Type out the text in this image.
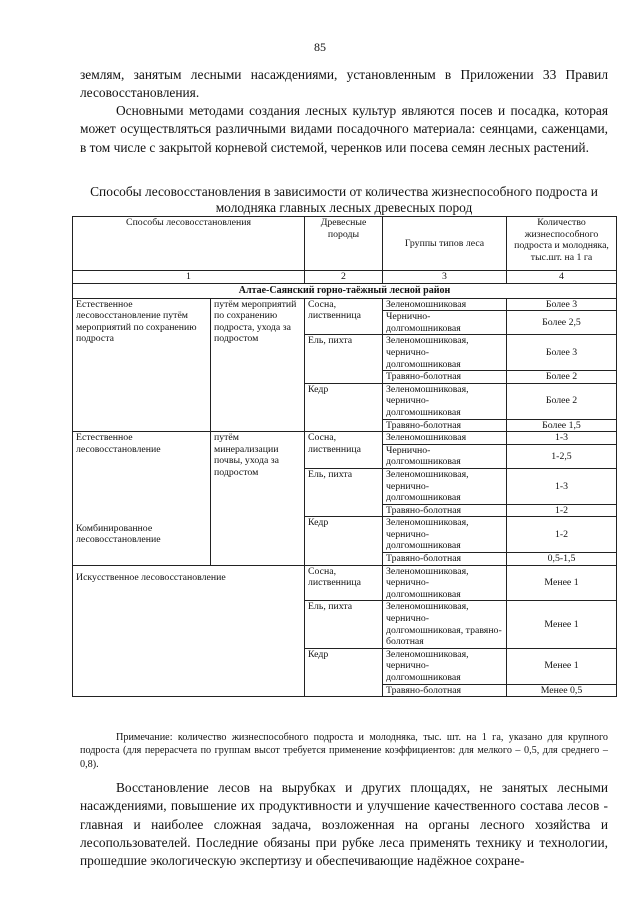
85

землям, занятым лесными насаждениями, установленным в Приложении 33 Правил лесовосстановления.

Основными методами создания лесных культур являются посев и посадка, которая может осуществляться различными видами посадочного материала: сеянцами, саженцами, в том числе с закрытой корневой системой, черенков или посева семян лесных растений.

Способы лесовосстановления в зависимости от количества жизнеспособного подроста и молодняка главных лесных древесных пород

Способы лесовосстановления		Древесные породы	Группы типов леса	Количество жизнеспособного подроста и молодняка, тыс.шт. на 1 га
1		2	3	4
Алтае-Саянский горно-таёжный лесной район				
Естественное лесовосстановление путём мероприятий по сохранению подроста	путём мероприятий по сохранению подроста, ухода за подростом	Сосна, лиственница	Зеленомошниковая	Более 3
			Чернично-долгомошниковая	Более 2,5
		Ель, пихта	Зеленомошниковая, чернично-долгомошниковая	Более 3
			Травяно-болотная	Более 2
		Кедр	Зеленомошниковая, чернично-долгомошниковая	Более 2
			Травяно-болотная	Более 1,5
Естественное лесовосстановление	путём минерализации почвы, ухода за подростом	Сосна, лиственница	Зеленомошниковая	1-3
			Чернично-долгомошниковая	1-2,5
		Ель, пихта	Зеленомошниковая, чернично-долгомошниковая	1-3
Комбинированное лесовосстановление			Травяно-болотная	1-2
		Кедр	Зеленомошниковая, чернично-долгомошниковая	1-2
			Травяно-болотная	0,5-1,5
Искусственное лесовосстановление		Сосна, лиственница	Зеленомошниковая, чернично-долгомошниковая	Менее 1
		Ель, пихта	Зеленомошниковая, чернично-долгомошниковая, травяно-болотная	Менее 1
		Кедр	Зеленомошниковая, чернично-долгомошниковая	Менее 1
			Травяно-болотная	Менее 0,5

Примечание: количество жизнеспособного подроста и молодняка, тыс. шт. на 1 га, указано для крупного подроста (для перерасчета по группам высот требуется применение коэффициентов: для мелкого – 0,5, для среднего – 0,8).

Восстановление лесов на вырубках и других площадях, не занятых лесными насаждениями, повышение их продуктивности и улучшение качественного состава лесов - главная и наиболее сложная задача, возложенная на органы лесного хозяйства и лесопользователей. Последние обязаны при рубке леса применять технику и технологии, прошедшие экологическую экспертизу и обеспечивающие надёжное сохране-
